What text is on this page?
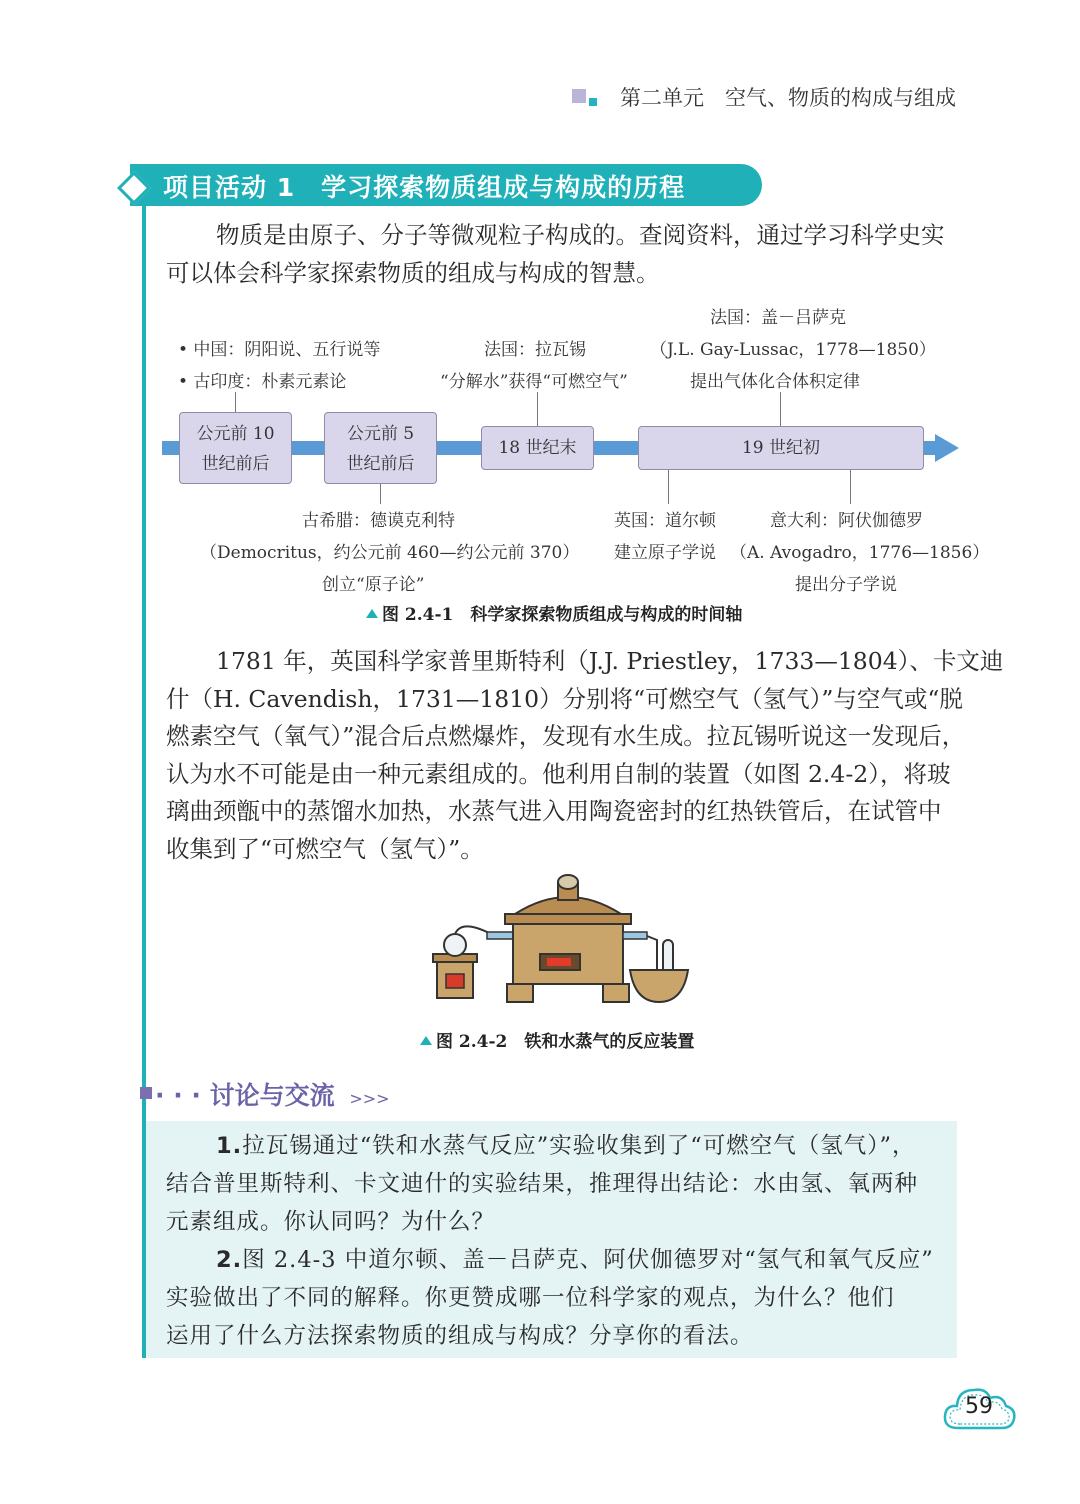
第二单元　空气、物质的构成与组成
项目活动 1　学习探索物质组成与构成的历程

物质是由原子、分子等微观粒子构成的。查阅资料，通过学习科学史实

可以体会科学家探索物质的组成与构成的智慧。

• 中国：阴阳说、五行说等
• 古印度：朴素元素论
法国：拉瓦锡
“分解水”获得“可燃空气”
法国：盖－吕萨克
（J.L. Gay-Lussac，1778—1850）
提出气体化合体积定律
公元前 10
世纪前后
公元前 5
世纪前后
18 世纪末	19 世纪初
古希腊：德谟克利特
（Democritus，约公元前 460—约公元前 370）
创立“原子论”
英国：道尔顿
建立原子学说
意大利：阿伏伽德罗
（A. Avogadro，1776—1856）
提出分子学说
图 2.4-1　科学家探索物质组成与构成的时间轴

1781 年，英国科学家普里斯特利（J.J. Priestley，1733—1804）、卡文迪

什（H. Cavendish，1731—1810）分别将“可燃空气（氢气）”与空气或“脱

燃素空气（氧气）”混合后点燃爆炸，发现有水生成。拉瓦锡听说这一发现后，

认为水不可能是由一种元素组成的。他利用自制的装置（如图 2.4-2），将玻

璃曲颈甑中的蒸馏水加热，水蒸气进入用陶瓷密封的红热铁管后，在试管中

收集到了“可燃空气（氢气）”。

图 2.4-2　铁和水蒸气的反应装置
· · · 讨论与交流 >>>
1.拉瓦锡通过“铁和水蒸气反应”实验收集到了“可燃空气（氢气）”，
结合普里斯特利、卡文迪什的实验结果，推理得出结论：水由氢、氧两种
元素组成。你认同吗？为什么？
2.图 2.4-3 中道尔顿、盖－吕萨克、阿伏伽德罗对“氢气和氧气反应”
实验做出了不同的解释。你更赞成哪一位科学家的观点，为什么？他们
运用了什么方法探索物质的组成与构成？分享你的看法。
59
